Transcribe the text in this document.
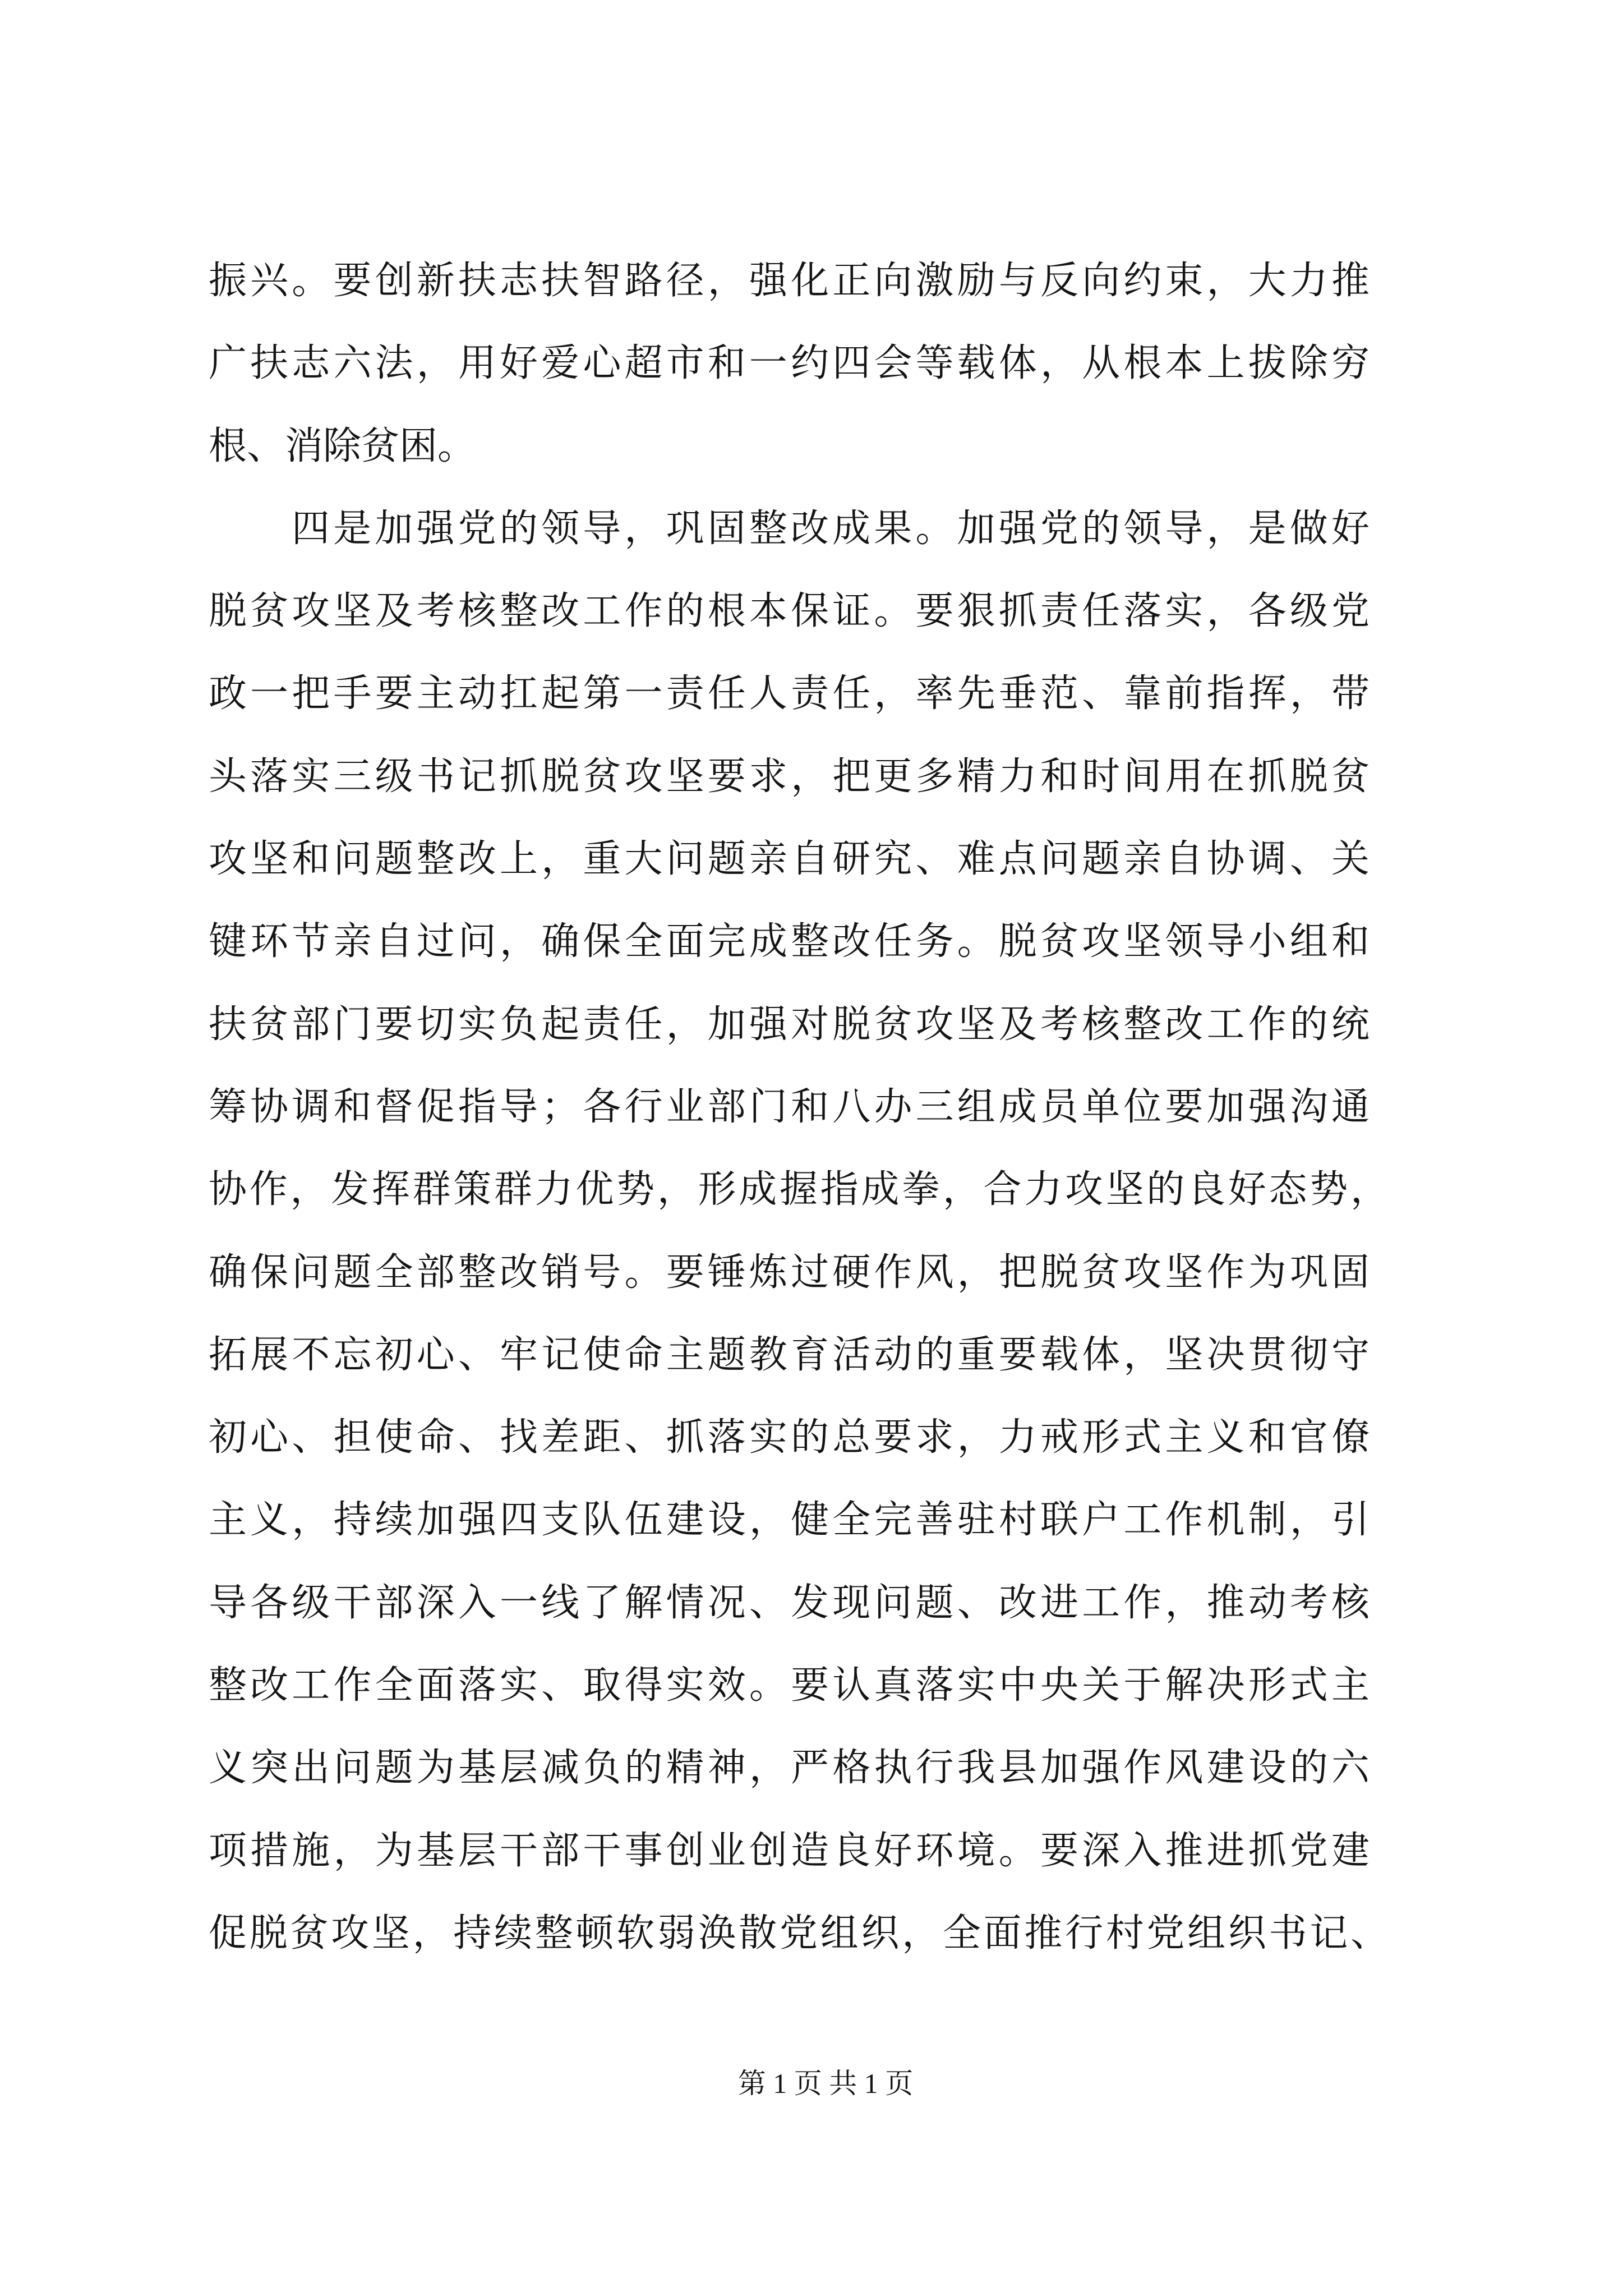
振兴。要创新扶志扶智路径，强化正向激励与反向约束，大力推
广扶志六法，用好爱心超市和一约四会等载体，从根本上拔除穷
根、消除贫困。
四是加强党的领导，巩固整改成果。加强党的领导，是做好
脱贫攻坚及考核整改工作的根本保证。要狠抓责任落实，各级党
政一把手要主动扛起第一责任人责任，率先垂范、靠前指挥，带
头落实三级书记抓脱贫攻坚要求，把更多精力和时间用在抓脱贫
攻坚和问题整改上，重大问题亲自研究、难点问题亲自协调、关
键环节亲自过问，确保全面完成整改任务。脱贫攻坚领导小组和
扶贫部门要切实负起责任，加强对脱贫攻坚及考核整改工作的统
筹协调和督促指导；各行业部门和八办三组成员单位要加强沟通
协作，发挥群策群力优势，形成握指成拳，合力攻坚的良好态势，
确保问题全部整改销号。要锤炼过硬作风，把脱贫攻坚作为巩固
拓展不忘初心、牢记使命主题教育活动的重要载体，坚决贯彻守
初心、担使命、找差距、抓落实的总要求，力戒形式主义和官僚
主义，持续加强四支队伍建设，健全完善驻村联户工作机制，引
导各级干部深入一线了解情况、发现问题、改进工作，推动考核
整改工作全面落实、取得实效。要认真落实中央关于解决形式主
义突出问题为基层减负的精神，严格执行我县加强作风建设的六
项措施，为基层干部干事创业创造良好环境。要深入推进抓党建
促脱贫攻坚，持续整顿软弱涣散党组织，全面推行村党组织书记、

第 1 页 共 1 页
